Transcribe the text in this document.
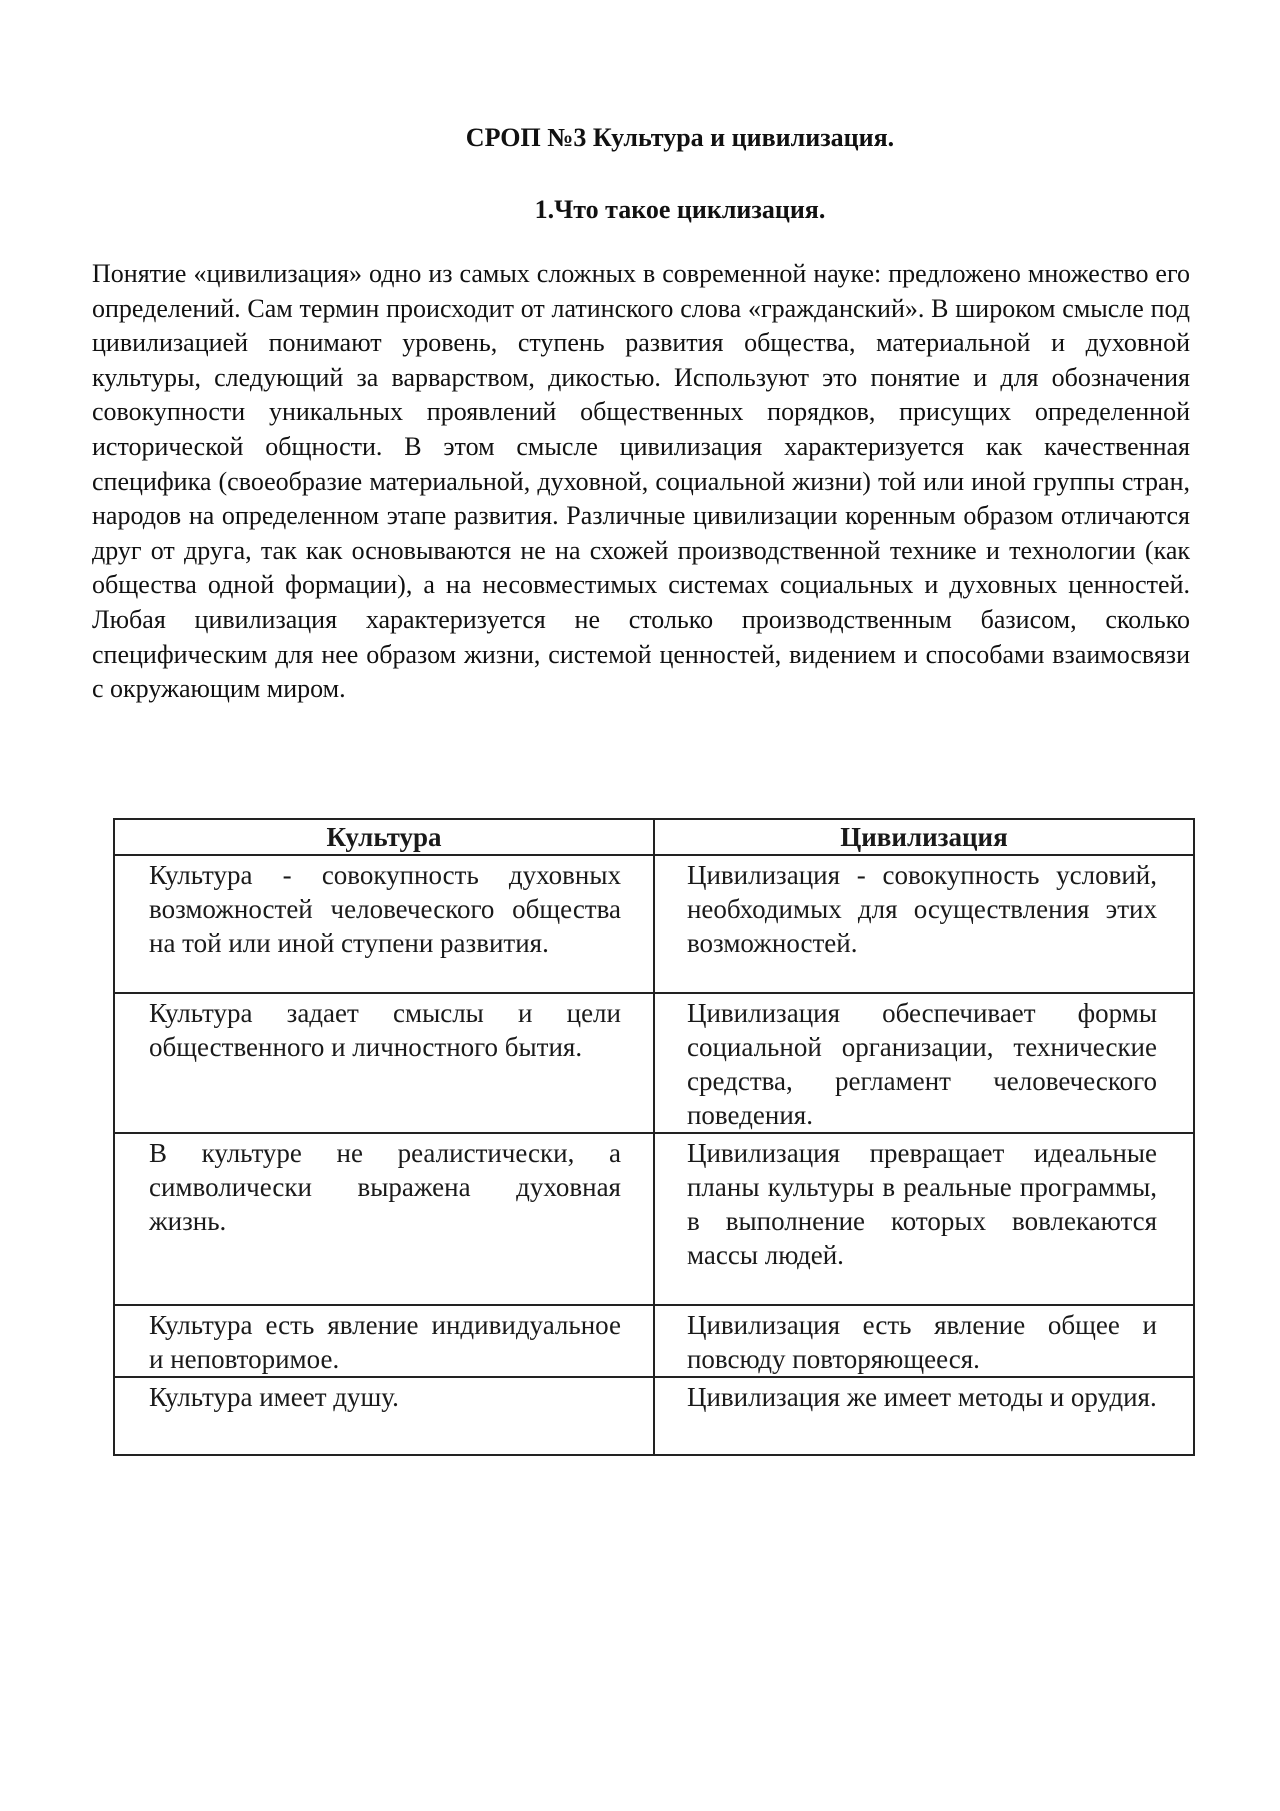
СРОП №3 Культура и цивилизация.
1.Что такое циклизация.

Понятие «цивилизация» одно из самых сложных в современной науке: предложено множество его определений. Сам термин происходит от латинского слова «гражданский». В широком смысле под цивилизацией понимают уровень, ступень развития общества, материальной и духовной культуры, следующий за варварством, дикостью. Используют это понятие и для обозначения совокупности уникальных проявлений общественных порядков, присущих определенной исторической общности. В этом смысле цивилизация характеризуется как качественная специфика (своеобразие материальной, духовной, социальной жизни) той или иной группы стран, народов на определенном этапе развития. Различные цивилизации коренным образом отличаются друг от друга, так как основываются не на схожей производственной технике и технологии (как общества одной формации), а на несовместимых системах социальных и духовных ценностей. Любая цивилизация характеризуется не столько производственным базисом, сколько специфическим для нее образом жизни, системой ценностей, видением и способами взаимосвязи с окружающим миром.

Культура	Цивилизация
Культура - совокупность духовных возможностей человеческого общества на той или иной ступени развития.	Цивилизация - совокупность условий, необходимых для осуществления этих возможностей.
Культура задает смыслы и цели общественного и личностного бытия.	Цивилизация обеспечивает формы социальной организации, технические средства, регламент человеческого поведения.
В культуре не реалистически, а символически выражена духовная жизнь.	Цивилизация превращает идеальные планы культуры в реальные программы, в выполнение которых вовлекаются массы людей.
Культура есть явление индивидуальное и неповторимое.	Цивилизация есть явление общее и повсюду повторяющееся.
Культура имеет душу.	Цивилизация же имеет методы и орудия.
